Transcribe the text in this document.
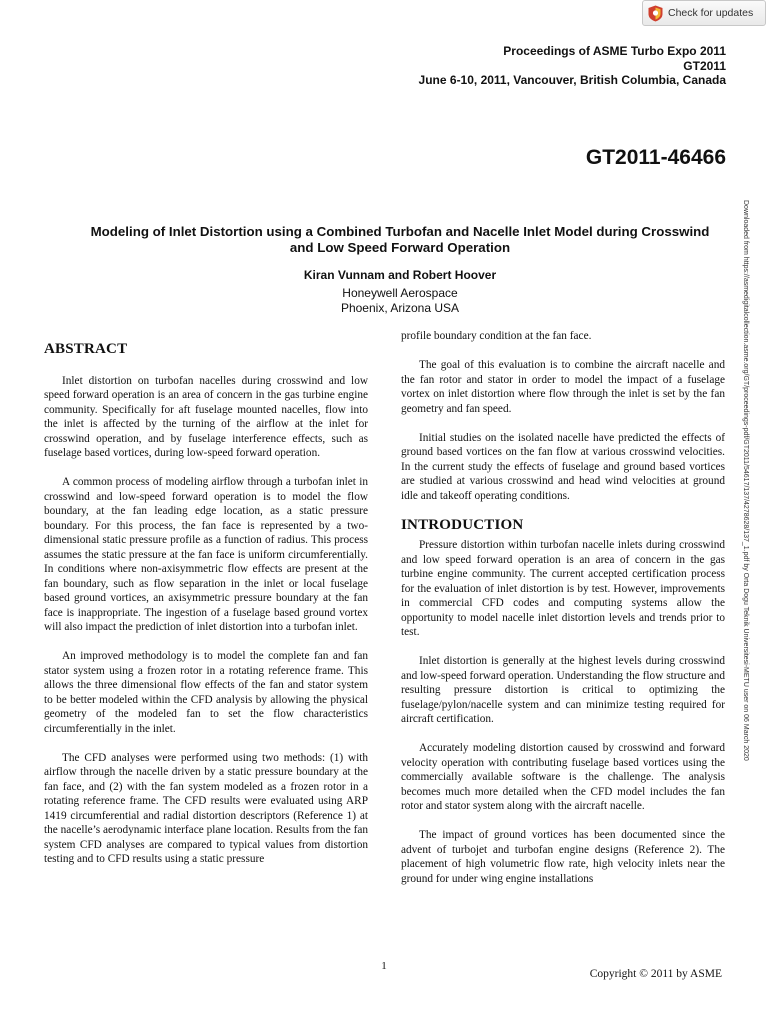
Check for updates
Proceedings of ASME Turbo Expo 2011
GT2011
June 6-10, 2011, Vancouver, British Columbia, Canada
GT2011-46466
Downloaded from https://asmedigitalcollection.asme.org/GT/proceedings-pdf/GT2011/54617/137/4278628/137_1.pdf by Orta Dogu Teknik Universitesi-METU user on 06 March 2020
Modeling of Inlet Distortion using a Combined Turbofan and Nacelle Inlet Model during Crosswind
and Low Speed Forward Operation
Kiran Vunnam and Robert Hoover
Honeywell Aerospace
Phoenix, Arizona USA
ABSTRACT

Inlet distortion on turbofan nacelles during crosswind and low speed forward operation is an area of concern in the gas turbine engine community. Specifically for aft fuselage mounted nacelles, flow into the inlet is affected by the turning of the airflow at the inlet for crosswind operation, and by fuselage interference effects, such as fuselage based vortices, during low-speed forward operation.

A common process of modeling airflow through a turbofan inlet in crosswind and low-speed forward operation is to model the flow boundary, at the fan leading edge location, as a static pressure boundary. For this process, the fan face is represented by a two-dimensional static pressure profile as a function of radius. This process assumes the static pressure at the fan face is uniform circumferentially. In conditions where non-axisymmetric flow effects are present at the fan boundary, such as flow separation in the inlet or local fuselage based ground vortices, an axisymmetric pressure boundary at the fan face is inappropriate. The ingestion of a fuselage based ground vortex will also impact the prediction of inlet distortion into a turbofan inlet.

An improved methodology is to model the complete fan and fan stator system using a frozen rotor in a rotating reference frame. This allows the three dimensional flow effects of the fan and stator system to be better modeled within the CFD analysis by allowing the physical geometry of the modeled fan to set the flow characteristics circumferentially in the inlet.

The CFD analyses were performed using two methods: (1) with airflow through the nacelle driven by a static pressure boundary at the fan face, and (2) with the fan system modeled as a frozen rotor in a rotating reference frame. The CFD results were evaluated using ARP 1419 circumferential and radial distortion descriptors (Reference 1) at the nacelle’s aerodynamic interface plane location. Results from the fan system CFD analyses are compared to typical values from distortion testing and to CFD results using a static pressure

profile boundary condition at the fan face.

The goal of this evaluation is to combine the aircraft nacelle and the fan rotor and stator in order to model the impact of a fuselage vortex on inlet distortion where flow through the inlet is set by the fan geometry and fan speed.

Initial studies on the isolated nacelle have predicted the effects of ground based vortices on the fan flow at various crosswind velocities. In the current study the effects of fuselage and ground based vortices are studied at various crosswind and head wind velocities at ground idle and takeoff operating conditions.

INTRODUCTION

Pressure distortion within turbofan nacelle inlets during crosswind and low speed forward operation is an area of concern in the gas turbine engine community. The current accepted certification process for the evaluation of inlet distortion is by test. However, improvements in commercial CFD codes and computing systems allow the opportunity to model nacelle inlet distortion levels and trends prior to test.

Inlet distortion is generally at the highest levels during crosswind and low-speed forward operation. Understanding the flow structure and resulting pressure distortion is critical to optimizing the fuselage/pylon/nacelle system and can minimize testing required for aircraft certification.

Accurately modeling distortion caused by crosswind and forward velocity operation with contributing fuselage based vortices using the commercially available software is the challenge. The analysis becomes much more detailed when the CFD model includes the fan rotor and stator system along with the aircraft nacelle.

The impact of ground vortices has been documented since the advent of turbojet and turbofan engine designs (Reference 2). The placement of high volumetric flow rate, high velocity inlets near the ground for under wing engine installations

1
Copyright © 2011 by ASME
